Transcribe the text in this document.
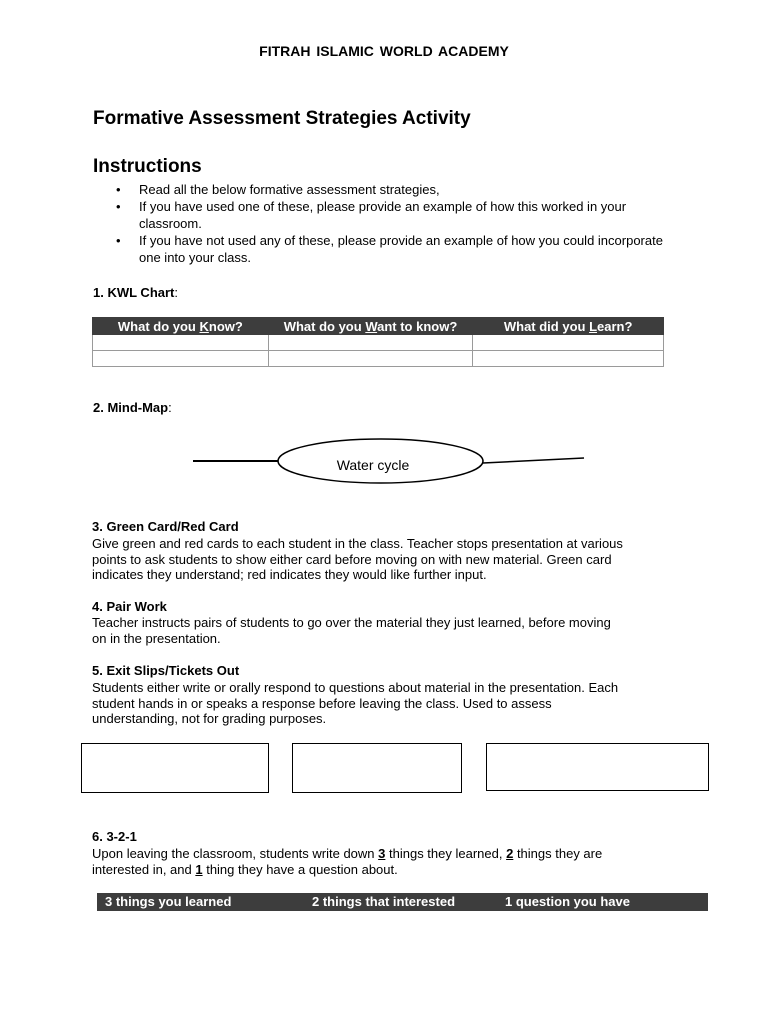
FITRAH ISLAMIC WORLD ACADEMY
Formative Assessment Strategies Activity
Instructions
• Read all the below formative assessment strategies,
• If you have used one of these, please provide an example of how this worked in your classroom.
• If you have not used any of these, please provide an example of how you could incorporate one into your class.
1. KWL Chart:
What do you Know?	What do you Want to know?	What did you Learn?

2. Mind-Map:
Water cycle
3. Green Card/Red Card
Give green and red cards to each student in the class. Teacher stops presentation at various
points to ask students to show either card before moving on with new material. Green card
indicates they understand; red indicates they would like further input.
4. Pair Work
Teacher instructs pairs of students to go over the material they just learned, before moving
on in the presentation.
5. Exit Slips/Tickets Out
Students either write or orally respond to questions about material in the presentation. Each
student hands in or speaks a response before leaving the class. Used to assess
understanding, not for grading purposes.
6. 3-2-1
Upon leaving the classroom, students write down 3 things they learned, 2 things they are
interested in, and 1 thing they have a question about.
3 things you learned	2 things that interested	1 question you have
